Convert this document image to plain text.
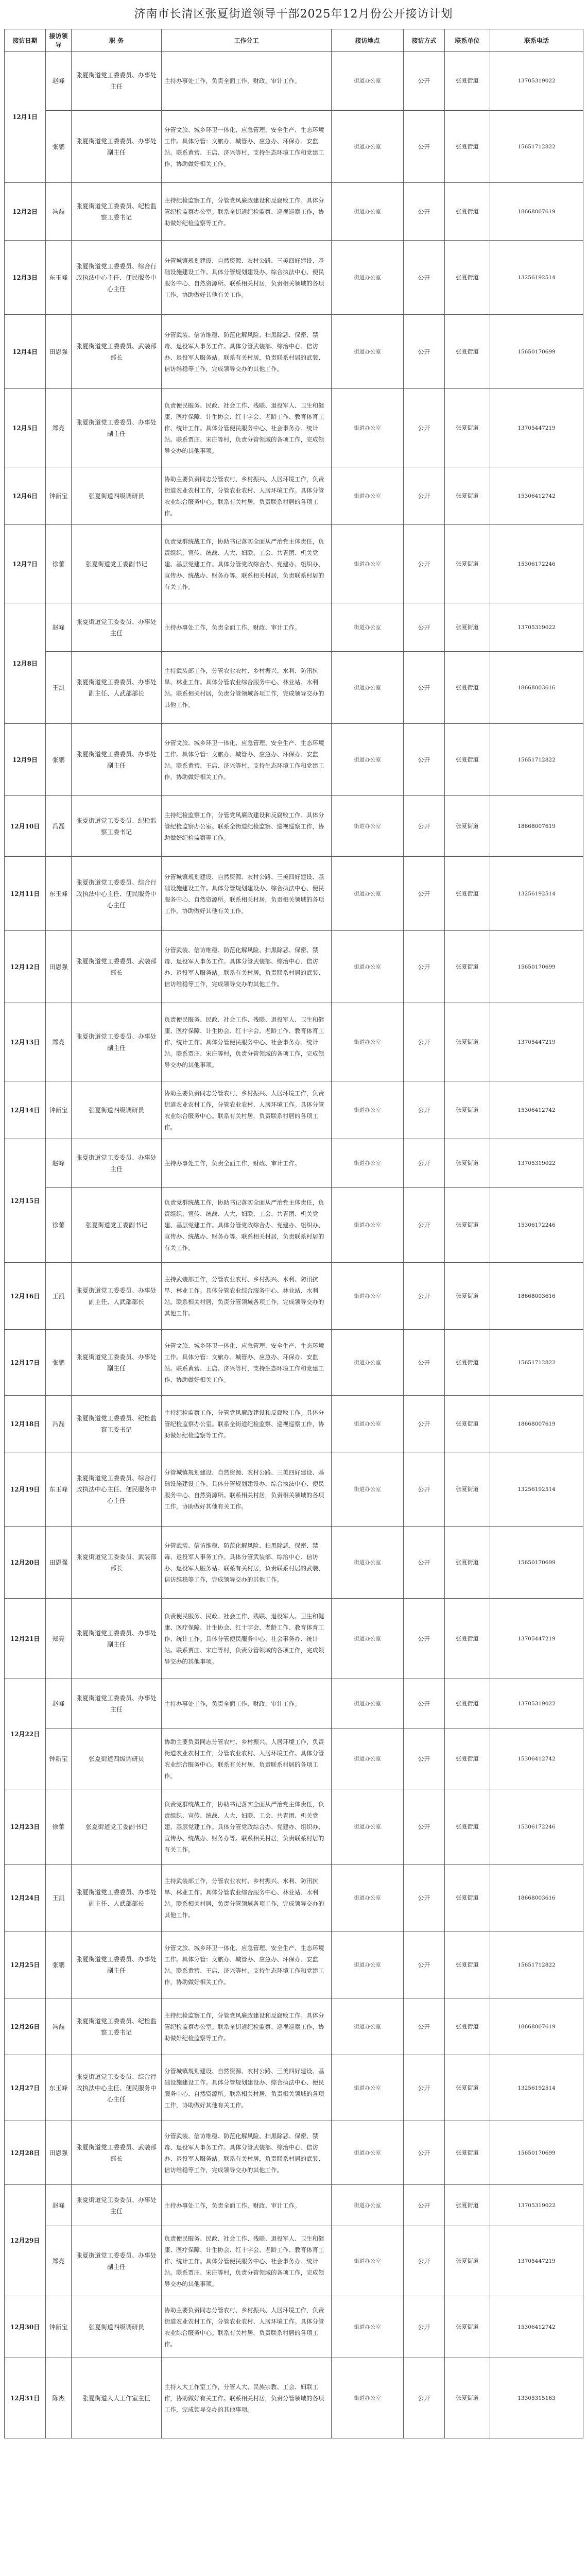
济南市长清区张夏街道领导干部2025年12月份公开接访计划
接访日期	接访领导	职 务	工作分工	接访地点	接访方式	联系单位	联系电话
12月1日	赵峰	张夏街道党工委委员、办事处主任	主持办事处工作，负责全面工作，财政、审计工作。	街道办公室	公开	张夏街道	13705319022
	张鹏	张夏街道党工委委员、办事处副主任	分管文旅、城乡环卫一体化、应急管理、安全生产、生态环境工作。具体分管：文旅办、城管办、应急办、环保办、安监站。联系黄营、王店、济兴等村，支持生态环境工作和党建工作，协助做好相关工作。	街道办公室	公开	张夏街道	15651712822
12月2日	冯磊	张夏街道党工委委员、纪检监察工委书记	主持纪检监察工作，分管党风廉政建设和反腐败工作。具体分管纪检监察办公室。联系全街道纪检监察、巡视巡察工作，协助做好纪检监察等工作。	街道办公室	公开	张夏街道	18668007619
12月3日	东玉峰	张夏街道党工委委员、综合行政执法中心主任、便民服务中心主任	分管城镇规划建设、自然资源、农村公路、三美四好建设、基础设施建设工作。具体分管规划建设办、综合执法中心、便民服务中心、自然资源所。联系相关村居，负责相关领域的各项工作，协助做好其他有关工作。	街道办公室	公开	张夏街道	13256192514
12月4日	田恩强	张夏街道党工委委员、武装部部长	分管武装、信访维稳、防范化解风险、扫黑除恶、保密、禁毒、退役军人事务工作。具体分管武装部、综治中心、信访办、退役军人服务站。联系有关村居，负责联系村居的武装、信访维稳等工作，完成领导交办的其他工作。	街道办公室	公开	张夏街道	15650170699
12月5日	郑亮	张夏街道党工委委员、办事处副主任	负责便民服务、民政、社会工作、残联、退役军人、卫生和健康、医疗保障、计生协会、红十字会、老龄工作、教育体育工作、统计工作。具体分管便民服务中心、社会事务办、统计站。联系贾庄、宋庄等村，负责分管领域的各项工作，完成领导交办的其他事项。	街道办公室	公开	张夏街道	13705447219
12月6日	钟新宝	张夏街道四级调研员	协助主要负责同志分管农村、乡村振兴、人居环境工作，负责街道农业农村工作，分管农业农村、人居环境工作。具体分管农业综合服务中心。联系有关村居，负责联系村居的各项工作。	街道办公室	公开	张夏街道	15306412742
12月7日	徐蕾	张夏街道党工委副书记	负责党群统战工作，协助书记落实全面从严治党主体责任，负责组织、宣传、统战、人大、妇联、工会、共青团、机关党建、基层党建工作。具体分管党政综合办、党建办、组织办、宣传办、统战办、财务办等。联系相关村居，负责联系村居的有关工作。	街道办公室	公开	张夏街道	15306172246
12月8日	赵峰	张夏街道党工委委员、办事处主任	主持办事处工作，负责全面工作，财政、审计工作。	街道办公室	公开	张夏街道	13705319022
	王凯	张夏街道党工委委员、办事处副主任、人武部部长	主持武装部工作，分管农业农村、乡村振兴、水利、防汛抗旱、林业工作。具体分管农业综合服务中心、林业站、水利站。联系相关村居，负责分管领域各项工作，完成领导交办的其他工作。	街道办公室	公开	张夏街道	18668003616
12月9日	张鹏	张夏街道党工委委员、办事处副主任	分管文旅、城乡环卫一体化、应急管理、安全生产、生态环境工作。具体分管：文旅办、城管办、应急办、环保办、安监站。联系黄营、王店、济兴等村，支持生态环境工作和党建工作，协助做好相关工作。	街道办公室	公开	张夏街道	15651712822
12月10日	冯磊	张夏街道党工委委员、纪检监察工委书记	主持纪检监察工作，分管党风廉政建设和反腐败工作。具体分管纪检监察办公室。联系全街道纪检监察、巡视巡察工作，协助做好纪检监察等工作。	街道办公室	公开	张夏街道	18668007619
12月11日	东玉峰	张夏街道党工委委员、综合行政执法中心主任、便民服务中心主任	分管城镇规划建设、自然资源、农村公路、三美四好建设、基础设施建设工作。具体分管规划建设办、综合执法中心、便民服务中心、自然资源所。联系相关村居，负责相关领域的各项工作，协助做好其他有关工作。	街道办公室	公开	张夏街道	13256192514
12月12日	田恩强	张夏街道党工委委员、武装部部长	分管武装、信访维稳、防范化解风险、扫黑除恶、保密、禁毒、退役军人事务工作。具体分管武装部、综治中心、信访办、退役军人服务站。联系有关村居，负责联系村居的武装、信访维稳等工作，完成领导交办的其他工作。	街道办公室	公开	张夏街道	15650170699
12月13日	郑亮	张夏街道党工委委员、办事处副主任	负责便民服务、民政、社会工作、残联、退役军人、卫生和健康、医疗保障、计生协会、红十字会、老龄工作、教育体育工作、统计工作。具体分管便民服务中心、社会事务办、统计站。联系贾庄、宋庄等村，负责分管领域的各项工作，完成领导交办的其他事项。	街道办公室	公开	张夏街道	13705447219
12月14日	钟新宝	张夏街道四级调研员	协助主要负责同志分管农村、乡村振兴、人居环境工作，负责街道农业农村工作，分管农业农村、人居环境工作。具体分管农业综合服务中心。联系有关村居，负责联系村居的各项工作。	街道办公室	公开	张夏街道	15306412742
12月15日	赵峰	张夏街道党工委委员、办事处主任	主持办事处工作，负责全面工作，财政、审计工作。	街道办公室	公开	张夏街道	13705319022
	徐蕾	张夏街道党工委副书记	负责党群统战工作，协助书记落实全面从严治党主体责任，负责组织、宣传、统战、人大、妇联、工会、共青团、机关党建、基层党建工作。具体分管党政综合办、党建办、组织办、宣传办、统战办、财务办等。联系相关村居，负责联系村居的有关工作。	街道办公室	公开	张夏街道	15306172246
12月16日	王凯	张夏街道党工委委员、办事处副主任、人武部部长	主持武装部工作，分管农业农村、乡村振兴、水利、防汛抗旱、林业工作。具体分管农业综合服务中心、林业站、水利站。联系相关村居，负责分管领域各项工作，完成领导交办的其他工作。	街道办公室	公开	张夏街道	18668003616
12月17日	张鹏	张夏街道党工委委员、办事处副主任	分管文旅、城乡环卫一体化、应急管理、安全生产、生态环境工作。具体分管：文旅办、城管办、应急办、环保办、安监站。联系黄营、王店、济兴等村，支持生态环境工作和党建工作，协助做好相关工作。	街道办公室	公开	张夏街道	15651712822
12月18日	冯磊	张夏街道党工委委员、纪检监察工委书记	主持纪检监察工作，分管党风廉政建设和反腐败工作。具体分管纪检监察办公室。联系全街道纪检监察、巡视巡察工作，协助做好纪检监察等工作。	街道办公室	公开	张夏街道	18668007619
12月19日	东玉峰	张夏街道党工委委员、综合行政执法中心主任、便民服务中心主任	分管城镇规划建设、自然资源、农村公路、三美四好建设、基础设施建设工作。具体分管规划建设办、综合执法中心、便民服务中心、自然资源所。联系相关村居，负责相关领域的各项工作，协助做好其他有关工作。	街道办公室	公开	张夏街道	13256192514
12月20日	田恩强	张夏街道党工委委员、武装部部长	分管武装、信访维稳、防范化解风险、扫黑除恶、保密、禁毒、退役军人事务工作。具体分管武装部、综治中心、信访办、退役军人服务站。联系有关村居，负责联系村居的武装、信访维稳等工作，完成领导交办的其他工作。	街道办公室	公开	张夏街道	15650170699
12月21日	郑亮	张夏街道党工委委员、办事处副主任	负责便民服务、民政、社会工作、残联、退役军人、卫生和健康、医疗保障、计生协会、红十字会、老龄工作、教育体育工作、统计工作。具体分管便民服务中心、社会事务办、统计站。联系贾庄、宋庄等村，负责分管领域的各项工作，完成领导交办的其他事项。	街道办公室	公开	张夏街道	13705447219
12月22日	赵峰	张夏街道党工委委员、办事处主任	主持办事处工作，负责全面工作，财政、审计工作。	街道办公室	公开	张夏街道	13705319022
	钟新宝	张夏街道四级调研员	协助主要负责同志分管农村、乡村振兴、人居环境工作，负责街道农业农村工作，分管农业农村、人居环境工作。具体分管农业综合服务中心。联系有关村居，负责联系村居的各项工作。	街道办公室	公开	张夏街道	15306412742
12月23日	徐蕾	张夏街道党工委副书记	负责党群统战工作，协助书记落实全面从严治党主体责任，负责组织、宣传、统战、人大、妇联、工会、共青团、机关党建、基层党建工作。具体分管党政综合办、党建办、组织办、宣传办、统战办、财务办等。联系相关村居，负责联系村居的有关工作。	街道办公室	公开	张夏街道	15306172246
12月24日	王凯	张夏街道党工委委员、办事处副主任、人武部部长	主持武装部工作，分管农业农村、乡村振兴、水利、防汛抗旱、林业工作。具体分管农业综合服务中心、林业站、水利站。联系相关村居，负责分管领域各项工作，完成领导交办的其他工作。	街道办公室	公开	张夏街道	18668003616
12月25日	张鹏	张夏街道党工委委员、办事处副主任	分管文旅、城乡环卫一体化、应急管理、安全生产、生态环境工作。具体分管：文旅办、城管办、应急办、环保办、安监站。联系黄营、王店、济兴等村，支持生态环境工作和党建工作，协助做好相关工作。	街道办公室	公开	张夏街道	15651712822
12月26日	冯磊	张夏街道党工委委员、纪检监察工委书记	主持纪检监察工作，分管党风廉政建设和反腐败工作。具体分管纪检监察办公室。联系全街道纪检监察、巡视巡察工作，协助做好纪检监察等工作。	街道办公室	公开	张夏街道	18668007619
12月27日	东玉峰	张夏街道党工委委员、综合行政执法中心主任、便民服务中心主任	分管城镇规划建设、自然资源、农村公路、三美四好建设、基础设施建设工作。具体分管规划建设办、综合执法中心、便民服务中心、自然资源所。联系相关村居，负责相关领域的各项工作，协助做好其他有关工作。	街道办公室	公开	张夏街道	13256192514
12月28日	田恩强	张夏街道党工委委员、武装部部长	分管武装、信访维稳、防范化解风险、扫黑除恶、保密、禁毒、退役军人事务工作。具体分管武装部、综治中心、信访办、退役军人服务站。联系有关村居，负责联系村居的武装、信访维稳等工作，完成领导交办的其他工作。	街道办公室	公开	张夏街道	15650170699
12月29日	赵峰	张夏街道党工委委员、办事处主任	主持办事处工作，负责全面工作，财政、审计工作。	街道办公室	公开	张夏街道	13705319022
	郑亮	张夏街道党工委委员、办事处副主任	负责便民服务、民政、社会工作、残联、退役军人、卫生和健康、医疗保障、计生协会、红十字会、老龄工作、教育体育工作、统计工作。具体分管便民服务中心、社会事务办、统计站。联系贾庄、宋庄等村，负责分管领域的各项工作，完成领导交办的其他事项。	街道办公室	公开	张夏街道	13705447219
12月30日	钟新宝	张夏街道四级调研员	协助主要负责同志分管农村、乡村振兴、人居环境工作，负责街道农业农村工作，分管农业农村、人居环境工作。具体分管农业综合服务中心。联系有关村居，负责联系村居的各项工作。	街道办公室	公开	张夏街道	15306412742
12月31日	陈杰	张夏街道人大工作室主任	主持人大工作室工作，分管人大、民族宗教、工会、妇联工作，协助做好有关工作。联系相关村居，负责分管领域的各项工作，完成领导交办的其他事项。	街道办公室	公开	张夏街道	13305315163
